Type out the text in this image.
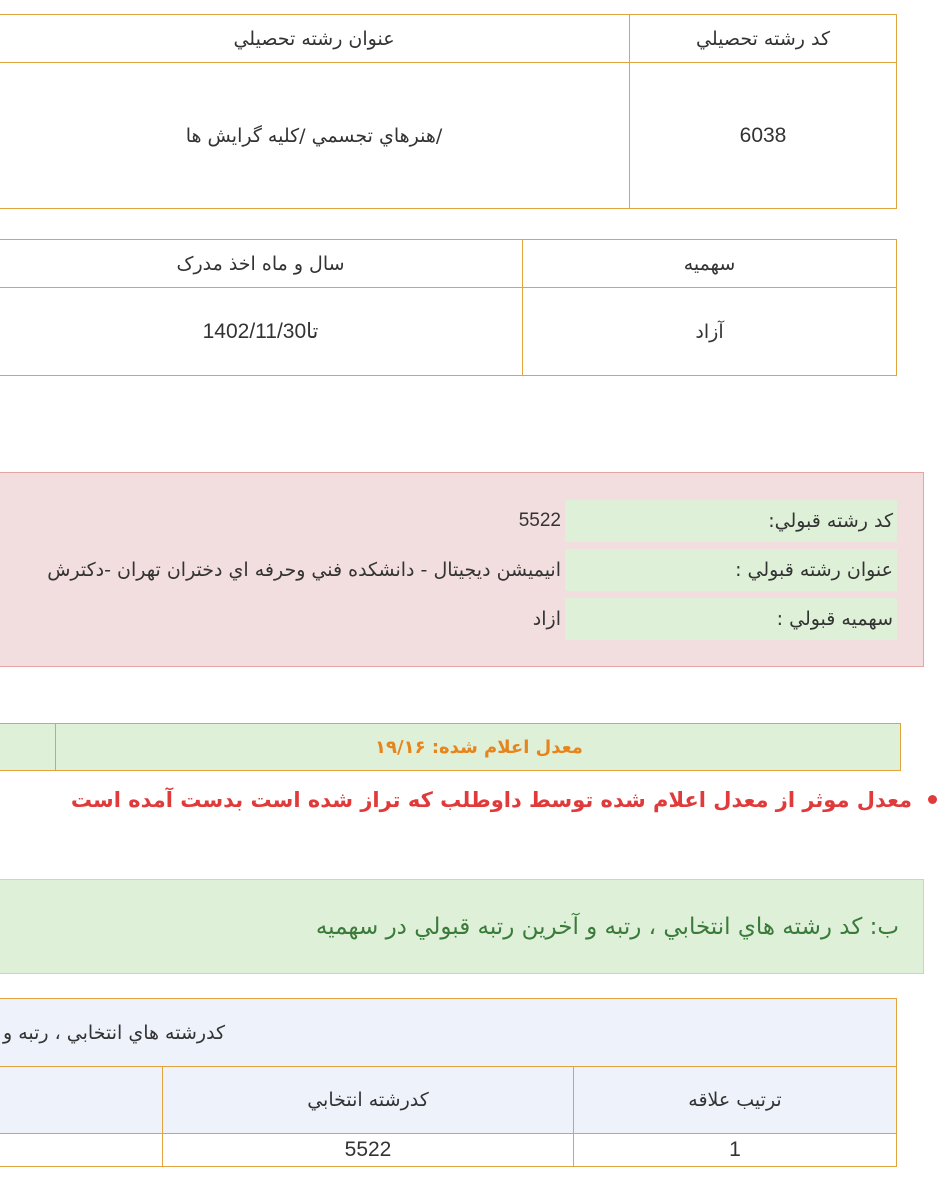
عنوان رشته تحصيلي	كد رشته تحصيلي
/هنرهاي تجسمي /كليه گرايش ها	6038
سال و ماه اخذ مدرک	سهميه
تا1402/11/30	آزاد
كد رشته قبولي:
5522
عنوان رشته قبولي :
انيميشن ديجيتال - دانشكده فني وحرفه اي دختران تهران -دكترش
سهميه قبولي :
ازاد
معدل اعلام شده: ۱۹/۱۶
معدل موثر از معدل اعلام شده توسط داوطلب كه تراز شده است بدست آمده است
ب: كد رشته هاي انتخابي ، رتبه و آخرين رتبه قبولي در سهميه
كدرشته هاي انتخابي ، رتبه و
كدرشته انتخابي	ترتيب علاقه
5522	1
